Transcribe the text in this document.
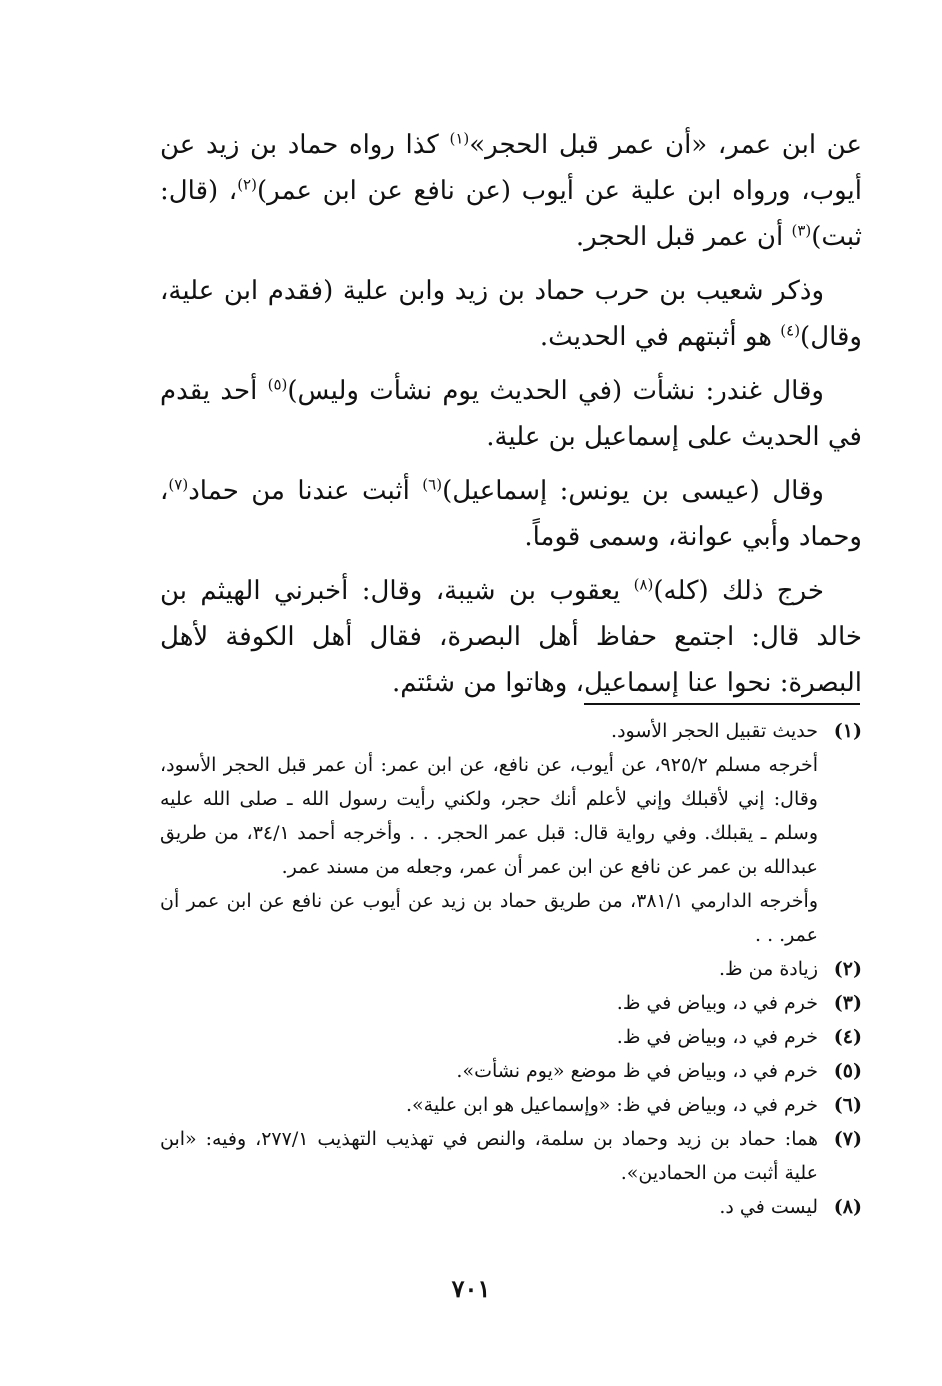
عن ابن عمر، «أن عمر قبل الحجر»$^{(١)}$ كذا رواه حماد بن زيد عن أيوب، ورواه ابن علية عن أيوب (عن نافع عن ابن عمر)$^{(٢)}$، (قال: ثبت)$^{(٣)}$ أن عمر قبل الحجر.

وذكر شعيب بن حرب حماد بن زيد وابن علية (فقدم ابن علية، وقال)$^{(٤)}$ هو أثبتهم في الحديث.

وقال غندر: نشأت (في الحديث يوم نشأت وليس)$^{(٥)}$ أحد يقدم في الحديث على إسماعيل بن علية.

وقال (عيسى بن يونس: إسماعيل)$^{(٦)}$ أثبت عندنا من حماد$^{(٧)}$، وحماد وأبي عوانة، وسمى قوماً.

خرج ذلك (كله)$^{(٨)}$ يعقوب بن شيبة، وقال: أخبرني الهيثم بن خالد قال: اجتمع حفاظ أهل البصرة، فقال أهل الكوفة لأهل البصرة: نحوا عنا إسماعيل، وهاتوا من شئتم.

(١)

حديث تقبيل الحجر الأسود.

أخرجه مسلم ٩٢٥/٢، عن أيوب، عن نافع، عن ابن عمر: أن عمر قبل الحجر الأسود، وقال: إني لأقبلك وإني لأعلم أنك حجر، ولكني رأيت رسول الله ـ صلى الله عليه وسلم ـ يقبلك. وفي رواية قال: قبل عمر الحجر. . . وأخرجه أحمد ٣٤/١، من طريق عبدالله بن عمر عن نافع عن ابن عمر أن عمر، وجعله من مسند عمر.

وأخرجه الدارمي ٣٨١/١، من طريق حماد بن زيد عن أيوب عن نافع عن ابن عمر أن عمر. . .

(٢)

زيادة من ظ.

(٣)

خرم في د، وبياض في ظ.

(٤)

خرم في د، وبياض في ظ.

(٥)

خرم في د، وبياض في ظ موضع «يوم نشأت».

(٦)

خرم في د، وبياض في ظ: «وإسماعيل هو ابن علية».

(٧)

هما: حماد بن زيد وحماد بن سلمة، والنص في تهذيب التهذيب ٢٧٧/١، وفيه: «ابن علية أثبت من الحمادين».

(٨)

ليست في د.

٧٠١
